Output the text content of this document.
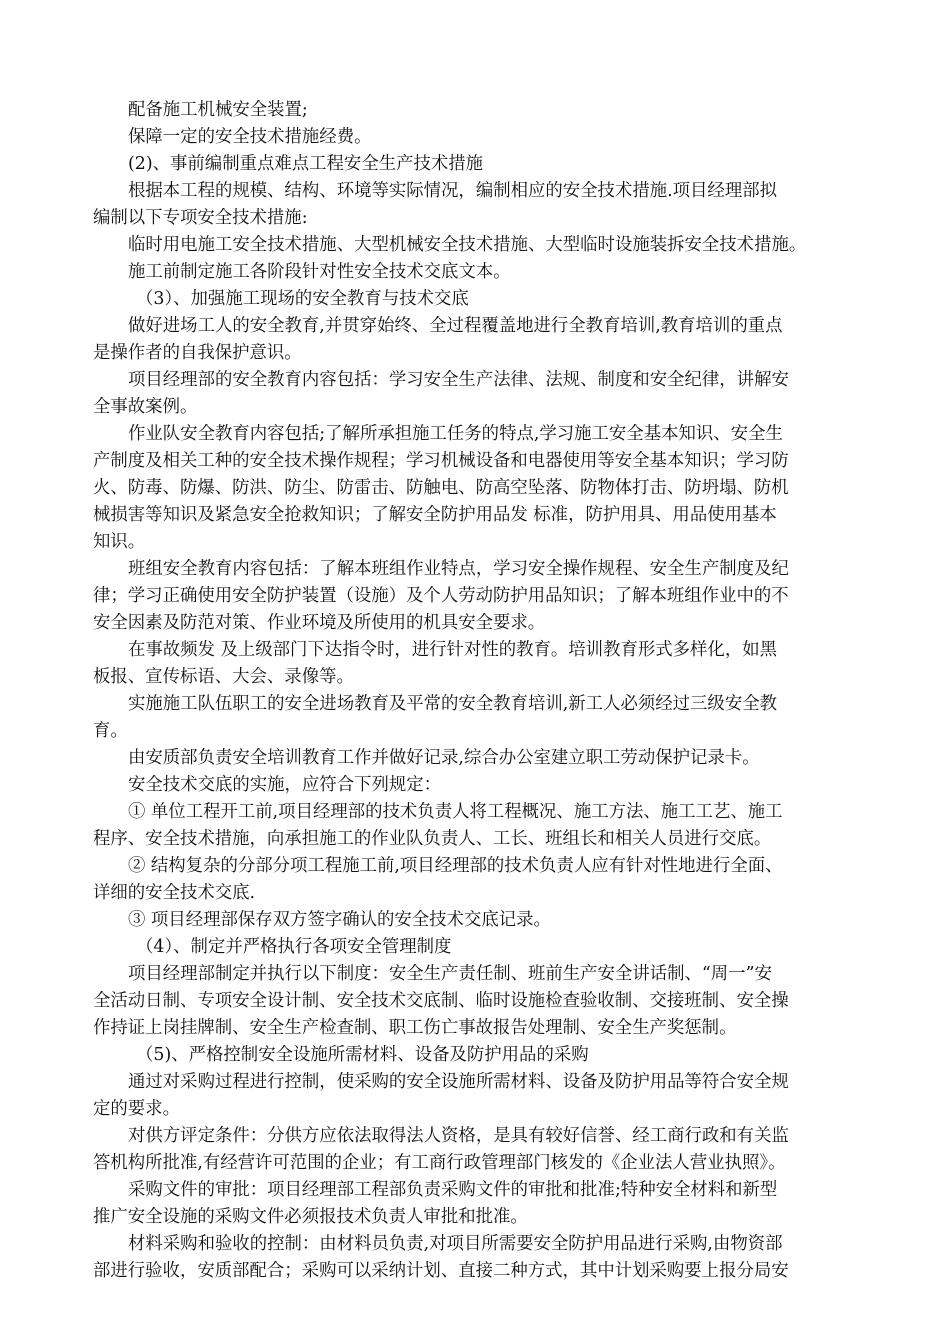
配备施工机械安全装置;

保障一定的安全技术措施经费。

(2)、事前编制重点难点工程安全生产技术措施

根据本工程的规模、结构、环境等实际情况，编制相应的安全技术措施.项目经理部拟

编制以下专项安全技术措施:

临时用电施工安全技术措施、大型机械安全技术措施、大型临时设施装拆安全技术措施。

施工前制定施工各阶段针对性安全技术交底文本。

（3）、加强施工现场的安全教育与技术交底

做好进场工人的安全教育,并贯穿始终、全过程覆盖地进行全教育培训,教育培训的重点

是操作者的自我保护意识。

项目经理部的安全教育内容包括：学习安全生产法律、法规、制度和安全纪律，讲解安

全事故案例。

作业队安全教育内容包括;了解所承担施工任务的特点,学习施工安全基本知识、安全生

产制度及相关工种的安全技术操作规程；学习机械设备和电器使用等安全基本知识；学习防

火、防毒、防爆、防洪、防尘、防雷击、防触电、防高空坠落、防物体打击、防坍塌、防机

械损害等知识及紧急安全抢救知识；了解安全防护用品发 标准，防护用具、用品使用基本

知识。

班组安全教育内容包括：了解本班组作业特点，学习安全操作规程、安全生产制度及纪

律；学习正确使用安全防护装置（设施）及个人劳动防护用品知识；了解本班组作业中的不

安全因素及防范对策、作业环境及所使用的机具安全要求。

在事故频发 及上级部门下达指令时，进行针对性的教育。培训教育形式多样化，如黑

板报、宣传标语、大会、录像等。

实施施工队伍职工的安全进场教育及平常的安全教育培训,新工人必须经过三级安全教

育。

由安质部负责安全培训教育工作并做好记录,综合办公室建立职工劳动保护记录卡。

安全技术交底的实施，应符合下列规定：

① 单位工程开工前,项目经理部的技术负责人将工程概况、施工方法、施工工艺、施工

程序、安全技术措施，向承担施工的作业队负责人、工长、班组长和相关人员进行交底。

② 结构复杂的分部分项工程施工前,项目经理部的技术负责人应有针对性地进行全面、

详细的安全技术交底.

③ 项目经理部保存双方签字确认的安全技术交底记录。

（4）、制定并严格执行各项安全管理制度

项目经理部制定并执行以下制度：安全生产责任制、班前生产安全讲话制、“周一”安

全活动日制、专项安全设计制、安全技术交底制、临时设施检查验收制、交接班制、安全操

作持证上岗挂牌制、安全生产检查制、职工伤亡事故报告处理制、安全生产奖惩制。

（5)、严格控制安全设施所需材料、设备及防护用品的采购

通过对采购过程进行控制，使采购的安全设施所需材料、设备及防护用品等符合安全规

定的要求。

对供方评定条件：分供方应依法取得法人资格，是具有较好信誉、经工商行政和有关监

答机构所批准,有经营许可范围的企业；有工商行政管理部门核发的《企业法人营业执照》。

采购文件的审批：项目经理部工程部负责采购文件的审批和批准;特种安全材料和新型

推广安全设施的采购文件必须报技术负责人审批和批准。

材料采购和验收的控制：由材料员负责,对项目所需要安全防护用品进行采购,由物资部

部进行验收，安质部配合；采购可以采纳计划、直接二种方式，其中计划采购要上报分局安
